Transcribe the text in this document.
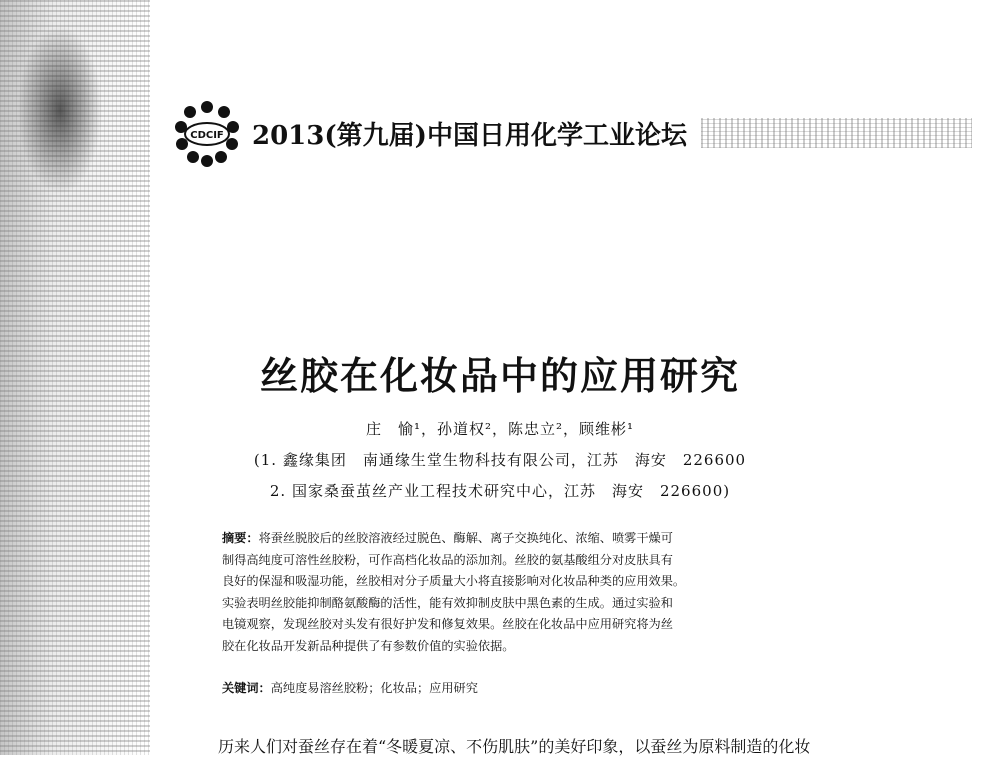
CDCIF 2013(第九届)中国日用化学工业论坛
丝胶在化妆品中的应用研究
庄　愉¹，孙道权²，陈忠立²，顾维彬¹
(1. 鑫缘集团　南通缘生堂生物科技有限公司，江苏　海安　226600
2. 国家桑蚕茧丝产业工程技术研究中心，江苏　海安　226600)
摘要：将蚕丝脱胶后的丝胶溶液经过脱色、酶解、离子交换纯化、浓缩、喷雾干燥可
制得高纯度可溶性丝胶粉，可作高档化妆品的添加剂。丝胶的氨基酸组分对皮肤具有
良好的保湿和吸湿功能，丝胶相对分子质量大小将直接影响对化妆品种类的应用效果。
实验表明丝胶能抑制酪氨酸酶的活性，能有效抑制皮肤中黑色素的生成。通过实验和
电镜观察，发现丝胶对头发有很好护发和修复效果。丝胶在化妆品中应用研究将为丝
胶在化妆品开发新品种提供了有参数价值的实验依据。
关键词：高纯度易溶丝胶粉；化妆品；应用研究
历来人们对蚕丝存在着“冬暖夏凉、不伤肌肤”的美好印象，以蚕丝为原料制造的化妆
